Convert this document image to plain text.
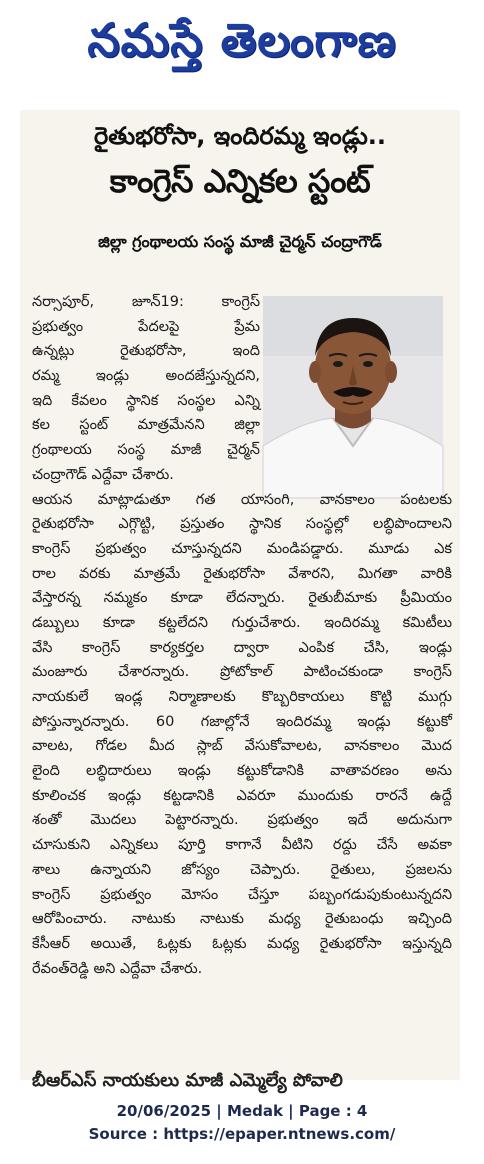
నమస్తే తెలంగాణ
రైతుభరోసా, ఇందిరమ్మ ఇండ్లు..
కాంగ్రెస్ ఎన్నికల స్టంట్
జిల్లా గ్రంథాలయ సంస్థ మాజీ చైర్మన్ చంద్రాగౌడ్
నర్సాపూర్, జూన్19: కాంగ్రెస్
ప్రభుత్వం పేదలపై ప్రేమ
ఉన్నట్లు రైతుభరోసా, ఇంది
రమ్మ ఇండ్లు అందజేస్తున్నదని,
ఇది కేవలం స్థానిక సంస్థల ఎన్ని
కల స్టంట్ మాత్రమేనని జిల్లా
గ్రంథాలయ సంస్థ మాజీ చైర్మన్
చంద్రాగౌడ్ ఎద్దేవా చేశారు.
ఆయన మాట్లాడుతూ గత యాసంగి, వానకాలం పంటలకు
రైతుభరోసా ఎగ్గొట్టి, ప్రస్తుతం స్థానిక సంస్థల్లో లబ్ధిపొందాలని
కాంగ్రెస్ ప్రభుత్వం చూస్తున్నదని మండిపడ్డారు. మూడు ఎక
రాల వరకు మాత్రమే రైతుభరోసా వేశారని, మిగతా వారికి
వేస్తారన్న నమ్మకం కూడా లేదన్నారు. రైతుబీమాకు ప్రీమియం
డబ్బులు కూడా కట్టలేదని గుర్తుచేశారు. ఇందిరమ్మ కమిటీలు
వేసి కాంగ్రెస్ కార్యకర్తల ద్వారా ఎంపిక చేసి, ఇండ్లు
మంజూరు చేశారన్నారు. ప్రోటోకాల్ పాటించకుండా కాంగ్రెస్
నాయకులే ఇండ్ల నిర్మాణాలకు కొబ్బరికాయలు కొట్టి ముగ్గు
పోస్తున్నారన్నారు. 60 గజాల్లోనే ఇందిరమ్మ ఇండ్లు కట్టుకో
వాలట, గోడల మీద స్లాబ్ వేసుకోవాలట, వానకాలం మొద
లైంది లబ్ధిదారులు ఇండ్లు కట్టుకోడానికి వాతావరణం అను
కూలించక ఇండ్లు కట్టడానికి ఎవరూ ముందుకు రారనే ఉద్దే
శంతో మొదలు పెట్టారన్నారు. ప్రభుత్వం ఇదే అదునుగా
చూసుకుని ఎన్నికలు పూర్తి కాగానే వీటిని రద్దు చేసే అవకా
శాలు ఉన్నాయని జోస్యం చెప్పారు. రైతులు, ప్రజలను
కాంగ్రెస్ ప్రభుత్వం మోసం చేస్తూ పబ్బంగడుపుకుంటున్నదని
ఆరోపించారు. నాటుకు నాటుకు మధ్య రైతుబంధు ఇచ్చింది
కేసీఆర్ అయితే, ఓట్లకు ఓట్లకు మధ్య రైతుభరోసా ఇస్తున్నది
రేవంత్‌రెడ్డి అని ఎద్దేవా చేశారు.
బీఆర్ఎస్ నాయకులు మాజీ ఎమ్మెల్యే పోవాలి
20/06/2025 | Medak | Page : 4
Source : https://epaper.ntnews.com/
